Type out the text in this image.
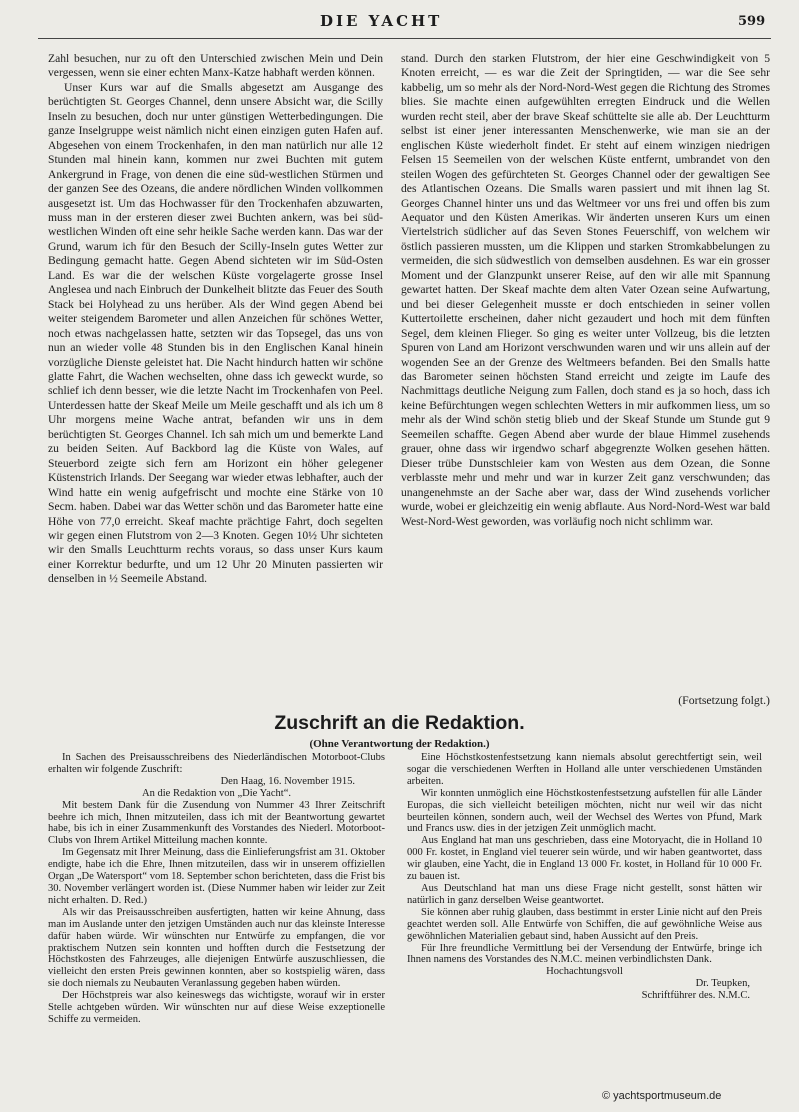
DIE YACHT	599

Zahl besuchen, nur zu oft den Unterschied zwischen Mein und Dein vergessen, wenn sie einer echten Manx-Katze habhaft werden können.

Unser Kurs war auf die Smalls abgesetzt am Ausgange des berüchtigten St. Georges Channel, denn unsere Absicht war, die Scilly Inseln zu besuchen, doch nur unter günstigen Wetterbedingungen. Die ganze Inselgruppe weist nämlich nicht einen einzigen guten Hafen auf. Abgesehen von einem Trockenhafen, in den man natürlich nur alle 12 Stunden mal hinein kann, kommen nur zwei Buchten mit gutem Ankergrund in Frage, von denen die eine süd-westlichen Stürmen und der ganzen See des Ozeans, die andere nördlichen Winden vollkommen ausgesetzt ist. Um das Hochwasser für den Trockenhafen abzuwarten, muss man in der ersteren dieser zwei Buchten ankern, was bei süd-westlichen Winden oft eine sehr heikle Sache werden kann. Das war der Grund, warum ich für den Besuch der Scilly-Inseln gutes Wetter zur Bedingung gemacht hatte. Gegen Abend sichteten wir im Süd-Osten Land. Es war die der welschen Küste vorgelagerte grosse Insel Anglesea und nach Einbruch der Dunkelheit blitzte das Feuer des South Stack bei Holyhead zu uns herüber. Als der Wind gegen Abend bei weiter steigendem Barometer und allen Anzeichen für schönes Wetter, noch etwas nachgelassen hatte, setzten wir das Topsegel, das uns von nun an wieder volle 48 Stunden bis in den Englischen Kanal hinein vorzügliche Dienste geleistet hat. Die Nacht hindurch hatten wir schöne glatte Fahrt, die Wachen wechselten, ohne dass ich geweckt wurde, so schlief ich denn besser, wie die letzte Nacht im Trockenhafen von Peel. Unterdessen hatte der Skeaf Meile um Meile geschafft und als ich um 8 Uhr morgens meine Wache antrat, befanden wir uns in dem berüchtigten St. Georges Channel. Ich sah mich um und bemerkte Land zu beiden Seiten. Auf Backbord lag die Küste von Wales, auf Steuerbord zeigte sich fern am Horizont ein höher gelegener Küstenstrich Irlands. Der Seegang war wieder etwas lebhafter, auch der Wind hatte ein wenig aufgefrischt und mochte eine Stärke von 10 Secm. haben. Dabei war das Wetter schön und das Barometer hatte eine Höhe von 77,0 erreicht. Skeaf machte prächtige Fahrt, doch segelten wir gegen einen Flutstrom von 2—3 Knoten. Gegen 10½ Uhr sichteten wir den Smalls Leuchtturm rechts voraus, so dass unser Kurs kaum einer Korrektur bedurfte, und um 12 Uhr 20 Minuten passierten wir denselben in ½ Seemeile Abstand.

stand. Durch den starken Flutstrom, der hier eine Geschwindigkeit von 5 Knoten erreicht, — es war die Zeit der Springtiden, — war die See sehr kabbelig, um so mehr als der Nord-Nord-West gegen die Richtung des Stromes blies. Sie machte einen aufgewühlten erregten Eindruck und die Wellen wurden recht steil, aber der brave Skeaf schüttelte sie alle ab. Der Leuchtturm selbst ist einer jener interessanten Menschenwerke, wie man sie an der englischen Küste wiederholt findet. Er steht auf einem winzigen niedrigen Felsen 15 Seemeilen von der welschen Küste entfernt, umbrandet von den steilen Wogen des gefürchteten St. Georges Channel oder der gewaltigen See des Atlantischen Ozeans. Die Smalls waren passiert und mit ihnen lag St. Georges Channel hinter uns und das Weltmeer vor uns frei und offen bis zum Aequator und den Küsten Amerikas. Wir änderten unseren Kurs um einen Viertelstrich südlicher auf das Seven Stones Feuerschiff, von welchem wir östlich passieren mussten, um die Klippen und starken Stromkabbelungen zu vermeiden, die sich südwestlich von demselben ausdehnen. Es war ein grosser Moment und der Glanzpunkt unserer Reise, auf den wir alle mit Spannung gewartet hatten. Der Skeaf machte dem alten Vater Ozean seine Aufwartung, und bei dieser Gelegenheit musste er doch entschieden in seiner vollen Kuttertoilette erscheinen, daher nicht gezaudert und hoch mit dem fünften Segel, dem kleinen Flieger. So ging es weiter unter Vollzeug, bis die letzten Spuren von Land am Horizont verschwunden waren und wir uns allein auf der wogenden See an der Grenze des Weltmeers befanden. Bei den Smalls hatte das Barometer seinen höchsten Stand erreicht und zeigte im Laufe des Nachmittags deutliche Neigung zum Fallen, doch stand es ja so hoch, dass ich keine Befürchtungen wegen schlechten Wetters in mir aufkommen liess, um so mehr als der Wind schön stetig blieb und der Skeaf Stunde um Stunde gut 9 Seemeilen schaffte. Gegen Abend aber wurde der blaue Himmel zusehends grauer, ohne dass wir irgendwo scharf abgegrenzte Wolken gesehen hätten. Dieser trübe Dunstschleier kam von Westen aus dem Ozean, die Sonne verblasste mehr und mehr und war in kurzer Zeit ganz verschwunden; das unangenehmste an der Sache aber war, dass der Wind zusehends vorlicher wurde, wobei er gleichzeitig ein wenig abflaute. Aus Nord-Nord-West war bald West-Nord-West geworden, was vorläufig noch nicht schlimm war.

(Fortsetzung folgt.)
Zuschrift an die Redaktion.
(Ohne Verantwortung der Redaktion.)

In Sachen des Preisausschreibens des Niederländischen Motorboot-Clubs erhalten wir folgende Zuschrift:

Den Haag, 16. November 1915.

An die Redaktion von „Die Yacht“.

Mit bestem Dank für die Zusendung von Nummer 43 Ihrer Zeitschrift beehre ich mich, Ihnen mitzuteilen, dass ich mit der Beantwortung gewartet habe, bis ich in einer Zusammenkunft des Vorstandes des Niederl. Motorboot-Clubs von Ihrem Artikel Mitteilung machen konnte.

Im Gegensatz mit Ihrer Meinung, dass die Einlieferungsfrist am 31. Oktober endigte, habe ich die Ehre, Ihnen mitzuteilen, dass wir in unserem offiziellen Organ „De Watersport“ vom 18. September schon berichteten, dass die Frist bis 30. November verlängert worden ist. (Diese Nummer haben wir leider zur Zeit nicht erhalten. D. Red.)

Als wir das Preisausschreiben ausfertigten, hatten wir keine Ahnung, dass man im Auslande unter den jetzigen Umständen auch nur das kleinste Interesse dafür haben würde. Wir wünschten nur Entwürfe zu empfangen, die vor praktischem Nutzen sein konnten und hofften durch die Festsetzung der Höchstkosten des Fahrzeuges, alle diejenigen Entwürfe auszuschliessen, die vielleicht den ersten Preis gewinnen konnten, aber so kostspielig wären, dass sie doch niemals zu Neubauten Veranlassung gegeben haben würden.

Der Höchstpreis war also keineswegs das wichtigste, worauf wir in erster Stelle achtgeben würden. Wir wünschten nur auf diese Weise exzeptionelle Schiffe zu vermeiden.

Eine Höchstkostenfestsetzung kann niemals absolut gerechtfertigt sein, weil sogar die verschiedenen Werften in Holland alle unter verschiedenen Umständen arbeiten.

Wir konnten unmöglich eine Höchstkostenfestsetzung aufstellen für alle Länder Europas, die sich vielleicht beteiligen möchten, nicht nur weil wir das nicht beurteilen können, sondern auch, weil der Wechsel des Wertes von Pfund, Mark und Francs usw. dies in der jetzigen Zeit unmöglich macht.

Aus England hat man uns geschrieben, dass eine Motoryacht, die in Holland 10 000 Fr. kostet, in England viel teuerer sein würde, und wir haben geantwortet, dass wir glauben, eine Yacht, die in England 13 000 Fr. kostet, in Holland für 10 000 Fr. zu bauen ist.

Aus Deutschland hat man uns diese Frage nicht gestellt, sonst hätten wir natürlich in ganz derselben Weise geantwortet.

Sie können aber ruhig glauben, dass bestimmt in erster Linie nicht auf den Preis geachtet werden soll. Alle Entwürfe von Schiffen, die auf gewöhnliche Weise aus gewöhnlichen Materialien gebaut sind, haben Aussicht auf den Preis.

Für Ihre freundliche Vermittlung bei der Versendung der Entwürfe, bringe ich Ihnen namens des Vorstandes des N.M.C. meinen verbindlichsten Dank.

Hochachtungsvoll

Dr. Teupken,

Schriftführer des. N.M.C.

© yachtsportmuseum.de
